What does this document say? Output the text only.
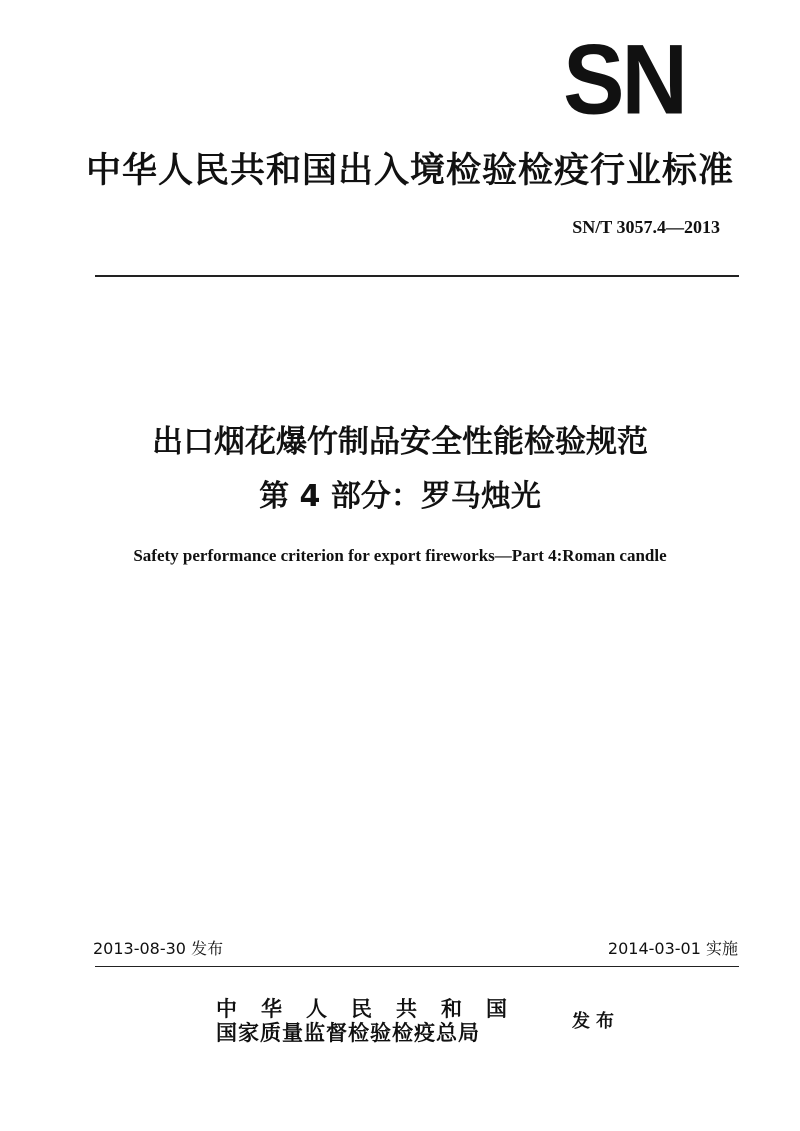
SN
中华人民共和国出入境检验检疫行业标准
SN/T 3057.4—2013
出口烟花爆竹制品安全性能检验规范
第 4 部分：罗马烛光
Safety performance criterion for export fireworks—Part 4:Roman candle
2013-08-30 发布	2014-03-01 实施
中华人民共和国
国家质量监督检验检疫总局	发布
